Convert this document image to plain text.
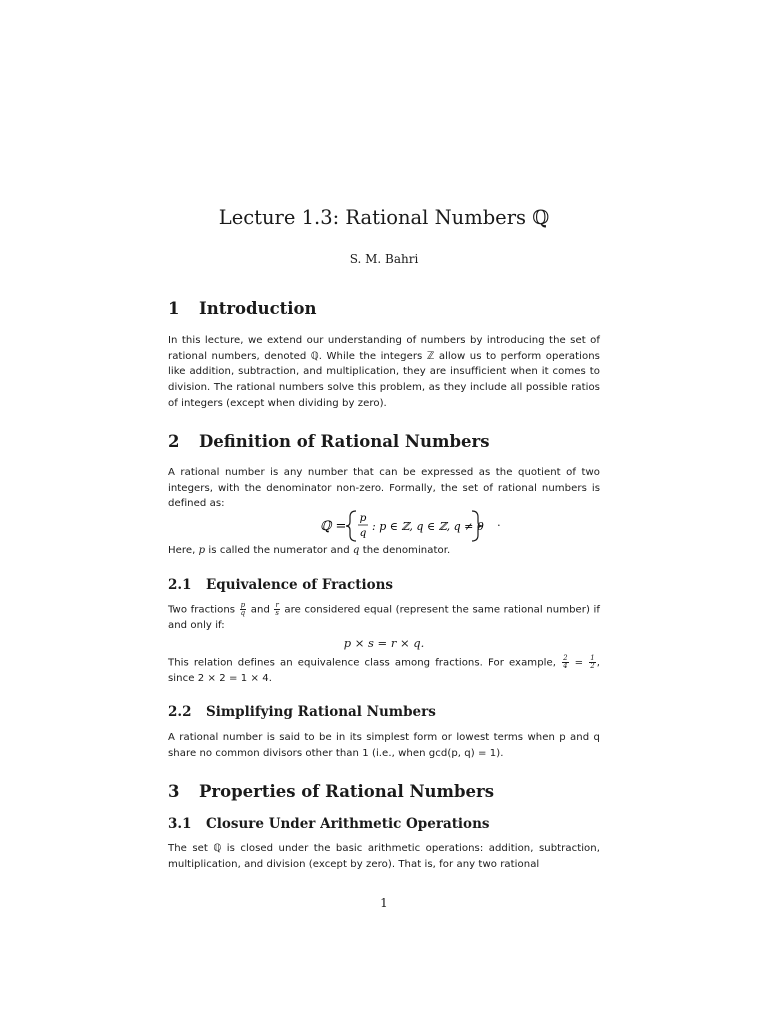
Lecture 1.3: Rational Numbers ℚ

S. M. Bahri

1 Introduction

In this lecture, we extend our understanding of numbers by introducing the set of rational numbers, denoted ℚ. While the integers ℤ allow us to perform operations like addition, subtraction, and multiplication, they are insufficient when it comes to division. The rational numbers solve this problem, as they include all possible ratios of integers (except when dividing by zero).

2 Definition of Rational Numbers

A rational number is any number that can be expressed as the quotient of two integers, with the denominator non-zero. Formally, the set of rational numbers is defined as:

ℚ =
p
q : p ∈ ℤ, q ∈ ℤ, q ≠ 0 .

Here, p is called the numerator and q the denominator.

2.1 Equivalence of Fractions

Two fractions $\frac{p}{q}$ and $\frac{r}{s}$ are considered equal (represent the same rational number) if and only if:

p × s = r × q.

This relation defines an equivalence class among fractions. For example, $\frac{2}{4} = \frac{1}{2}$ , since 2 × 2 = 1 × 4.

2.2 Simplifying Rational Numbers

A rational number is said to be in its simplest form or lowest terms when p and q share no common divisors other than 1 (i.e., when gcd(p, q) = 1).

3 Properties of Rational Numbers
3.1 Closure Under Arithmetic Operations

The set ℚ is closed under the basic arithmetic operations: addition, subtraction, multiplication, and division (except by zero). That is, for any two rational

1
